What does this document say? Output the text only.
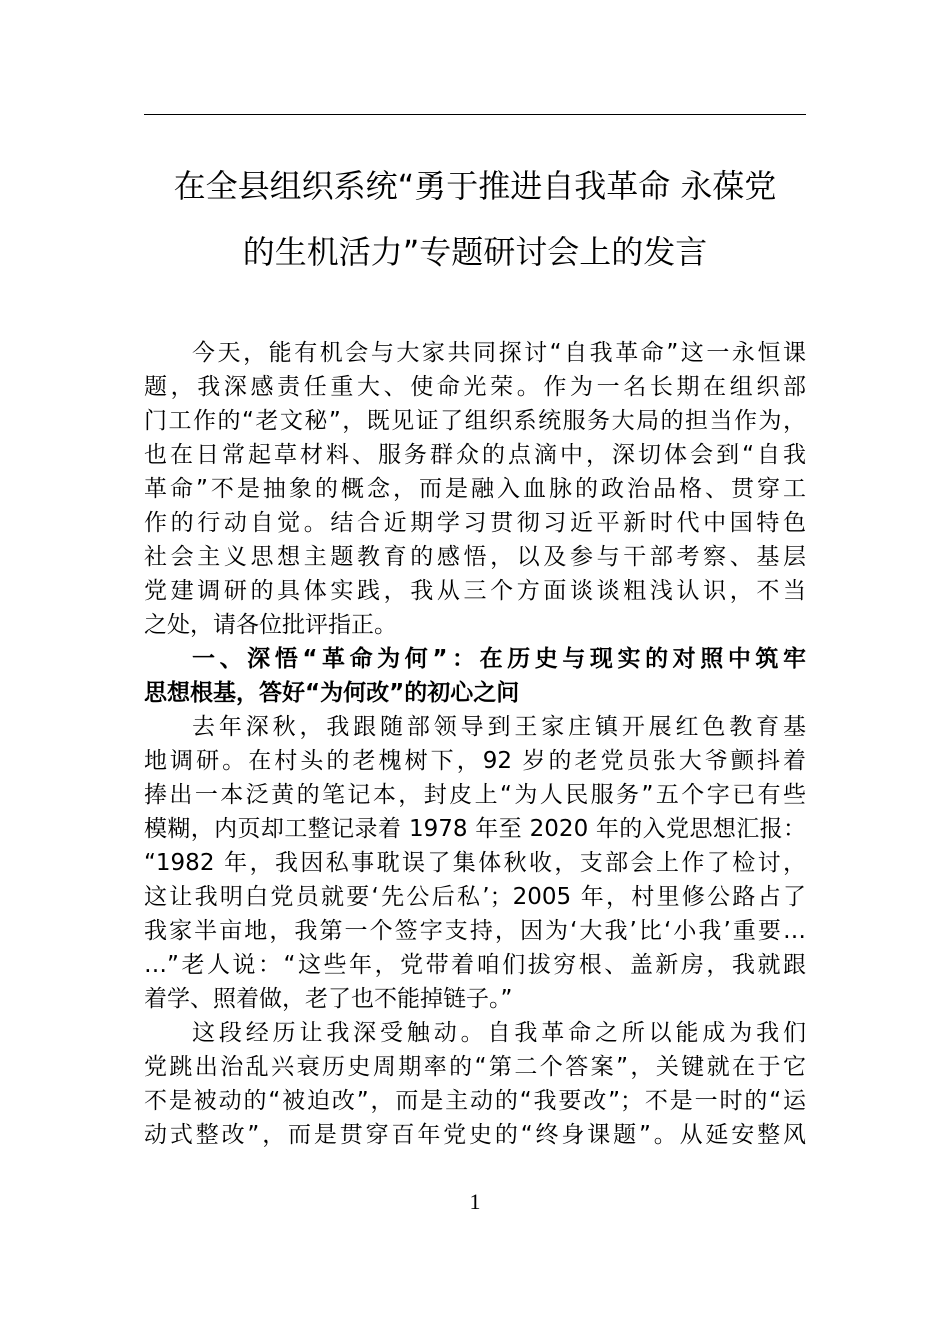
在全县组织系统“勇于推进自我革命 永葆党
的生机活力”专题研讨会上的发言
今天，能有机会与大家共同探讨“自我革命”这一永恒课
题，我深感责任重大、使命光荣。作为一名长期在组织部
门工作的“老文秘”，既见证了组织系统服务大局的担当作为，
也在日常起草材料、服务群众的点滴中，深切体会到“自我
革命”不是抽象的概念，而是融入血脉的政治品格、贯穿工
作的行动自觉。结合近期学习贯彻习近平新时代中国特色
社会主义思想主题教育的感悟，以及参与干部考察、基层
党建调研的具体实践，我从三个方面谈谈粗浅认识，不当
之处，请各位批评指正。
一、深悟“革命为何”：在历史与现实的对照中筑牢
思想根基，答好“为何改”的初心之问
去年深秋，我跟随部领导到王家庄镇开展红色教育基
地调研。在村头的老槐树下，92 岁的老党员张大爷颤抖着
捧出一本泛黄的笔记本，封皮上“为人民服务”五个字已有些
模糊，内页却工整记录着 1978 年至 2020 年的入党思想汇报：
“1982 年，我因私事耽误了集体秋收，支部会上作了检讨，
这让我明白党员就要‘先公后私’；2005 年，村里修公路占了
我家半亩地，我第一个签字支持，因为‘大我’比‘小我’重要…
…”老人说：“这些年，党带着咱们拔穷根、盖新房，我就跟
着学、照着做，老了也不能掉链子。”
这段经历让我深受触动。自我革命之所以能成为我们
党跳出治乱兴衰历史周期率的“第二个答案”，关键就在于它
不是被动的“被迫改”，而是主动的“我要改”；不是一时的“运
动式整改”，而是贯穿百年党史的“终身课题”。从延安整风
1
